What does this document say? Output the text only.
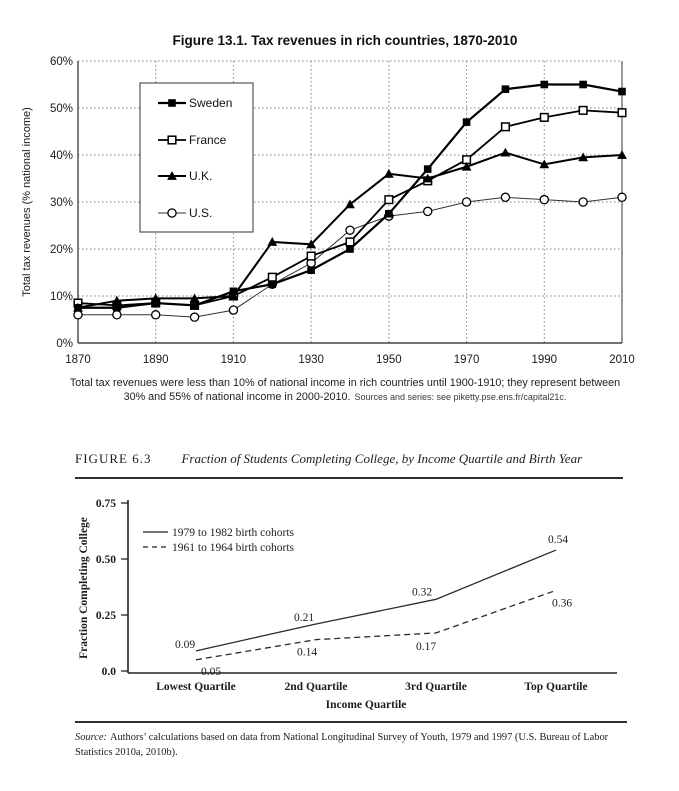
1870	1890	1910	1930	1950	1970	1990	2010
0%
10%
20%
30%
40%
50%
60%
Total tax revenues (% national income)
Sweden
France
U.K.
U.S.
0.75
0.50
0.25
0.0
Lowest Quartile	2nd Quartile	3rd Quartile	Top Quartile
Income Quartile
Fraction Completing College	1979 to 1982 birth cohorts
1961 to 1964 birth cohorts
0.09
0.21
0.32
0.54
0.05
0.14	0.17
0.36
Figure 13.1. Tax revenues in rich countries, 1870-2010
Total tax revenues were less than 10% of national income in rich countries until 1900-1910; they represent between
30% and 55% of national income in 2000-2010. Sources and series: see piketty.pse.ens.fr/capital21c.
FIGURE 6.3 Fraction of Students Completing College, by Income Quartile and Birth Year
Source: Authors’ calculations based on data from National Longitudinal Survey of Youth, 1979 and 1997 (U.S. Bureau of Labor Statistics 2010a, 2010b).
